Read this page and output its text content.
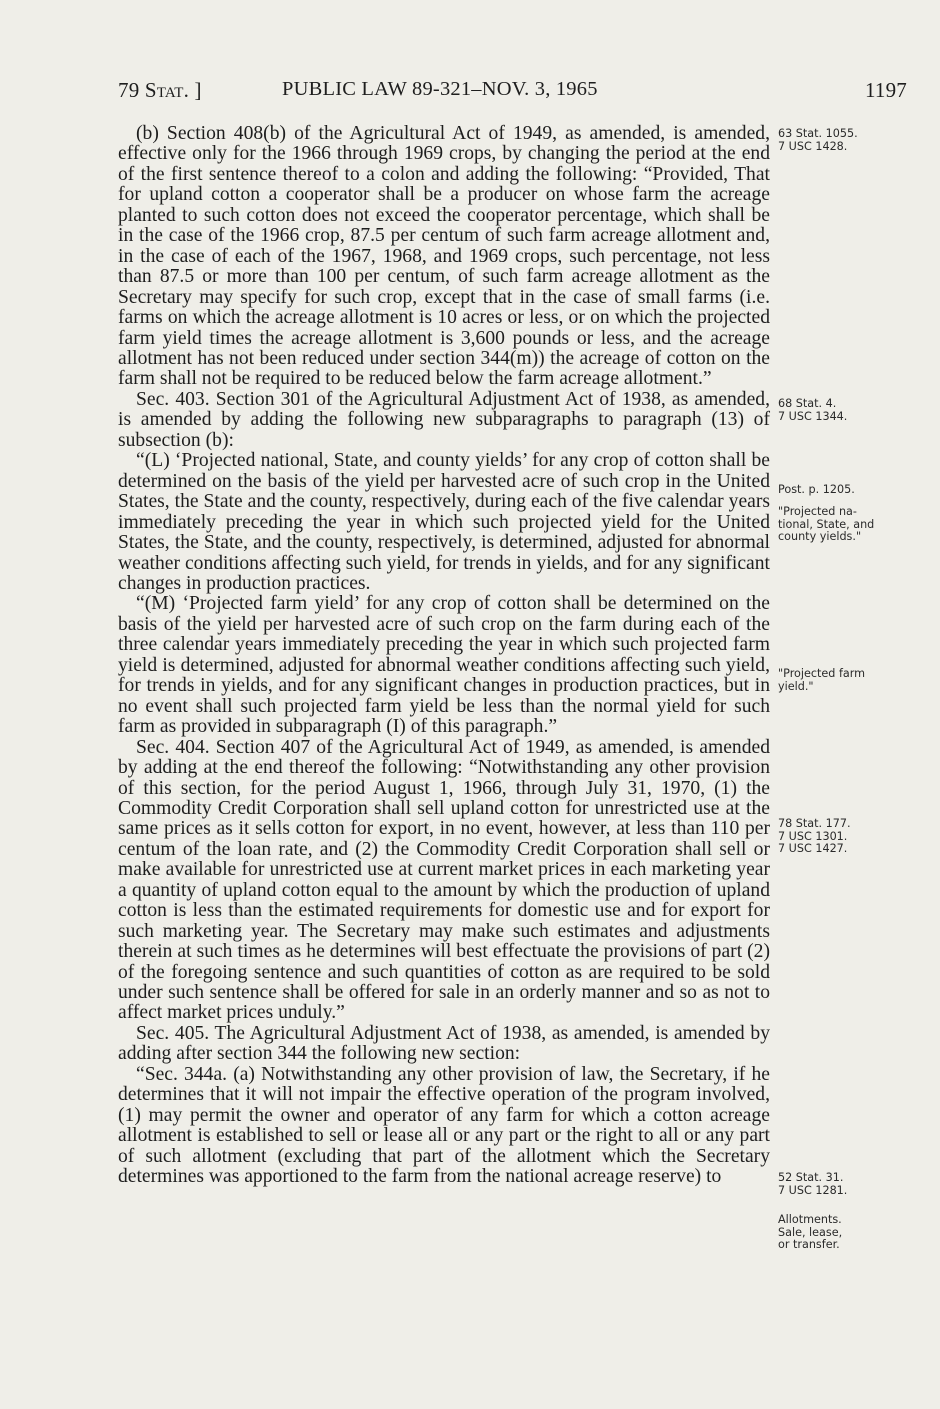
79 Stat. ]	PUBLIC LAW 89-321–NOV. 3, 1965	1197

(b) Section 408(b) of the Agricultural Act of 1949, as amended, is amended, effective only for the 1966 through 1969 crops, by changing the period at the end of the first sentence thereof to a colon and adding the following: “Provided, That for upland cotton a cooperator shall be a producer on whose farm the acreage planted to such cotton does not exceed the cooperator percentage, which shall be in the case of the 1966 crop, 87.5 per centum of such farm acreage allotment and, in the case of each of the 1967, 1968, and 1969 crops, such percentage, not less than 87.5 or more than 100 per centum, of such farm acreage allotment as the Secretary may specify for such crop, except that in the case of small farms (i.e. farms on which the acreage allotment is 10 acres or less, or on which the projected farm yield times the acreage allotment is 3,600 pounds or less, and the acreage allotment has not been reduced under section 344(m)) the acreage of cotton on the farm shall not be required to be reduced below the farm acreage allotment.”

Sec. 403. Section 301 of the Agricultural Adjustment Act of 1938, as amended, is amended by adding the following new subparagraphs to paragraph (13) of subsection (b):

“(L) ‘Projected national, State, and county yields’ for any crop of cotton shall be determined on the basis of the yield per harvested acre of such crop in the United States, the State and the county, respectively, during each of the five calendar years immediately preceding the year in which such projected yield for the United States, the State, and the county, respectively, is determined, adjusted for abnormal weather conditions affecting such yield, for trends in yields, and for any significant changes in production practices.

“(M) ‘Projected farm yield’ for any crop of cotton shall be determined on the basis of the yield per harvested acre of such crop on the farm during each of the three calendar years immediately preceding the year in which such projected farm yield is determined, adjusted for abnormal weather conditions affecting such yield, for trends in yields, and for any significant changes in production practices, but in no event shall such projected farm yield be less than the normal yield for such farm as provided in subparagraph (I) of this paragraph.”

Sec. 404. Section 407 of the Agricultural Act of 1949, as amended, is amended by adding at the end thereof the following: “Notwithstanding any other provision of this section, for the period August 1, 1966, through July 31, 1970, (1) the Commodity Credit Corporation shall sell upland cotton for unrestricted use at the same prices as it sells cotton for export, in no event, however, at less than 110 per centum of the loan rate, and (2) the Commodity Credit Corporation shall sell or make available for unrestricted use at current market prices in each marketing year a quantity of upland cotton equal to the amount by which the production of upland cotton is less than the estimated requirements for domestic use and for export for such marketing year. The Secretary may make such estimates and adjustments therein at such times as he determines will best effectuate the provisions of part (2) of the foregoing sentence and such quantities of cotton as are required to be sold under such sentence shall be offered for sale in an orderly manner and so as not to affect market prices unduly.”

Sec. 405. The Agricultural Adjustment Act of 1938, as amended, is amended by adding after section 344 the following new section:

“Sec. 344a. (a) Notwithstanding any other provision of law, the Secretary, if he determines that it will not impair the effective operation of the program involved, (1) may permit the owner and operator of any farm for which a cotton acreage allotment is established to sell or lease all or any part or the right to all or any part of such allotment (excluding that part of the allotment which the Secretary determines was apportioned to the farm from the national acreage reserve) to

63 Stat. 1055.
7 USC 1428.
68 Stat. 4.
7 USC 1344.
Post. p. 1205.
"Projected na-
tional, State, and
county yields."
"Projected farm
yield."
78 Stat. 177.
7 USC 1301.
7 USC 1427.
52 Stat. 31.
7 USC 1281.
Allotments.
Sale, lease,
or transfer.
